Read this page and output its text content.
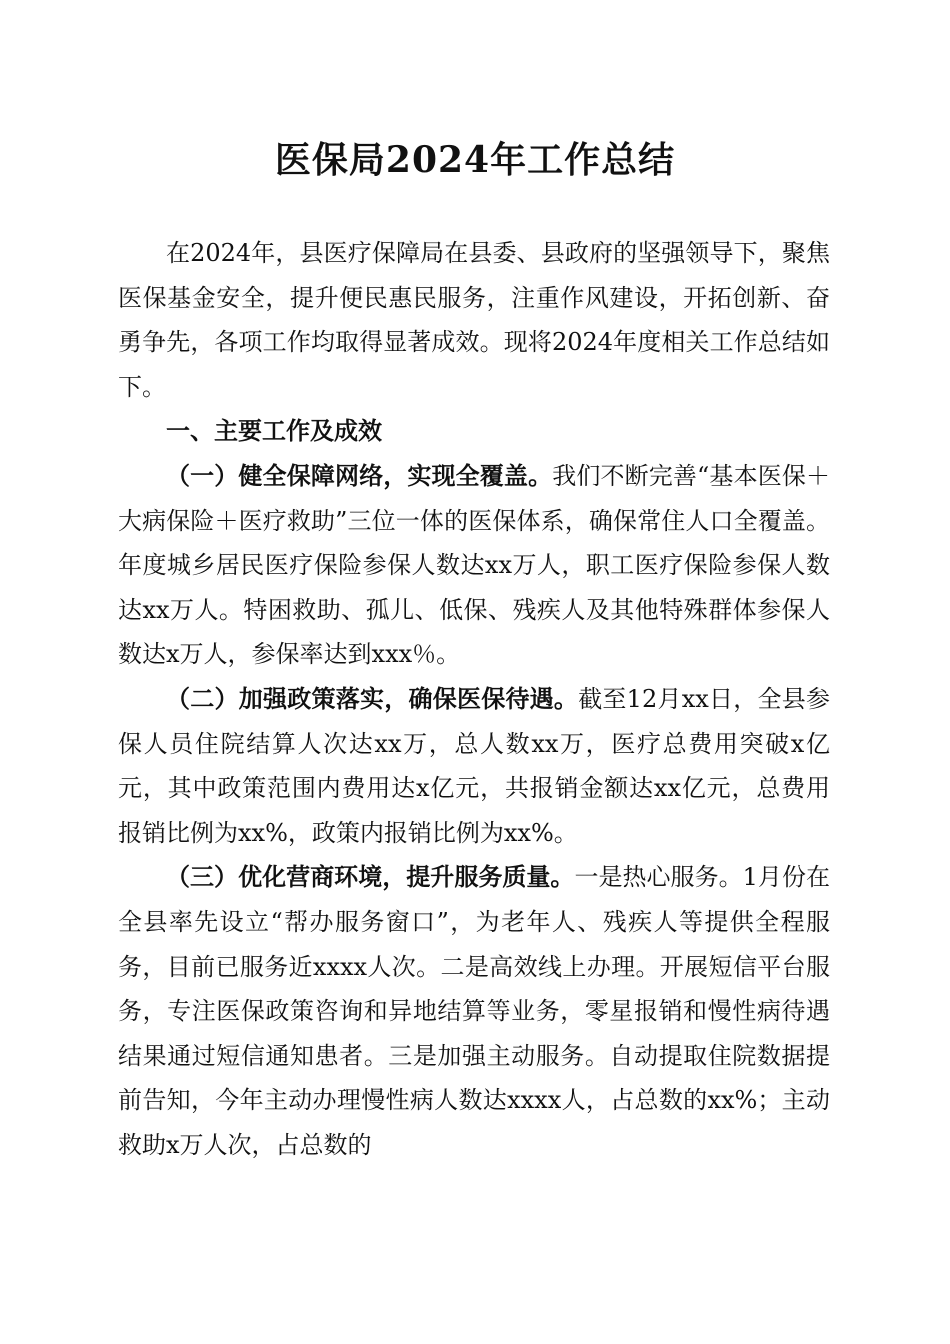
医保局2024年工作总结

在2024年，县医疗保障局在县委、县政府的坚强领导下，聚焦医保基金安全，提升便民惠民服务，注重作风建设，开拓创新、奋勇争先，各项工作均取得显著成效。现将2024年度相关工作总结如下。

一、主要工作及成效

（一）健全保障网络，实现全覆盖。我们不断完善“基本医保＋大病保险＋医疗救助”三位一体的医保体系，确保常住人口全覆盖。年度城乡居民医疗保险参保人数达xx万人，职工医疗保险参保人数达xx万人。特困救助、孤儿、低保、残疾人及其他特殊群体参保人数达x万人，参保率达到xxx％。

（二）加强政策落实，确保医保待遇。截至12月xx日，全县参保人员住院结算人次达xx万，总人数xx万，医疗总费用突破x亿元，其中政策范围内费用达x亿元，共报销金额达xx亿元，总费用报销比例为xx%，政策内报销比例为xx%。

（三）优化营商环境，提升服务质量。一是热心服务。1月份在全县率先设立“帮办服务窗口”，为老年人、残疾人等提供全程服务，目前已服务近xxxx人次。二是高效线上办理。开展短信平台服务，专注医保政策咨询和异地结算等业务，零星报销和慢性病待遇结果通过短信通知患者。三是加强主动服务。自动提取住院数据提前告知，今年主动办理慢性病人数达xxxx人，占总数的xx%；主动救助x万人次，占总数的
